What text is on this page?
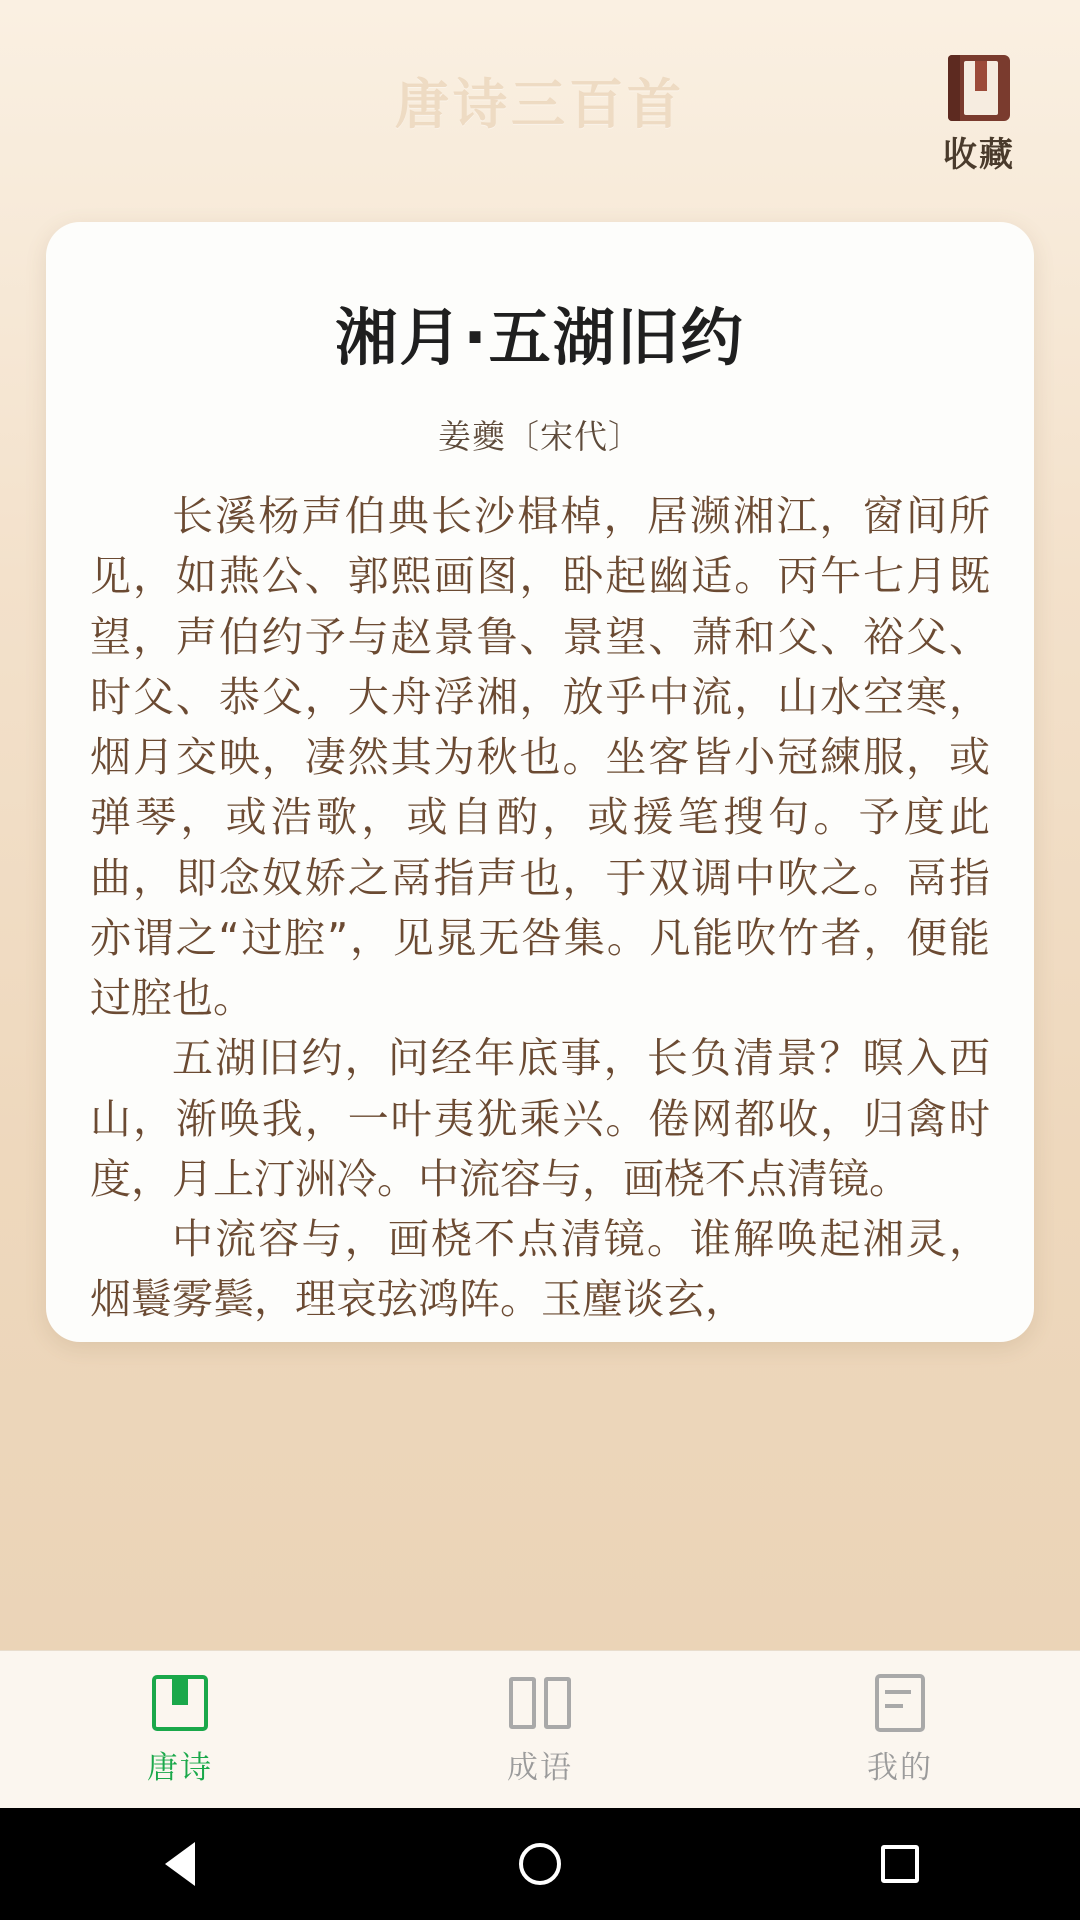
唐诗三百首
收藏
湘月·五湖旧约
姜夔〔宋代〕

长溪杨声伯典长沙楫棹，居濒湘江，窗间所见，如燕公、郭熙画图，卧起幽适。丙午七月既望，声伯约予与赵景鲁、景望、萧和父、裕父、时父、恭父，大舟浮湘，放乎中流，山水空寒，烟月交映，凄然其为秋也。坐客皆小冠練服，或弹琴，或浩歌，或自酌，或援笔搜句。予度此曲，即念奴娇之鬲指声也，于双调中吹之。鬲指亦谓之“过腔”，见晁无咎集。凡能吹竹者，便能过腔也。

五湖旧约，问经年底事，长负清景？暝入西山，渐唤我，一叶夷犹乘兴。倦网都收，归禽时度，月上汀洲冷。中流容与，画桡不点清镜。

中流容与，画桡不点清镜。谁解唤起湘灵，烟鬟雾鬓，理哀弦鸿阵。玉麈谈玄，

唐诗	成语	我的
